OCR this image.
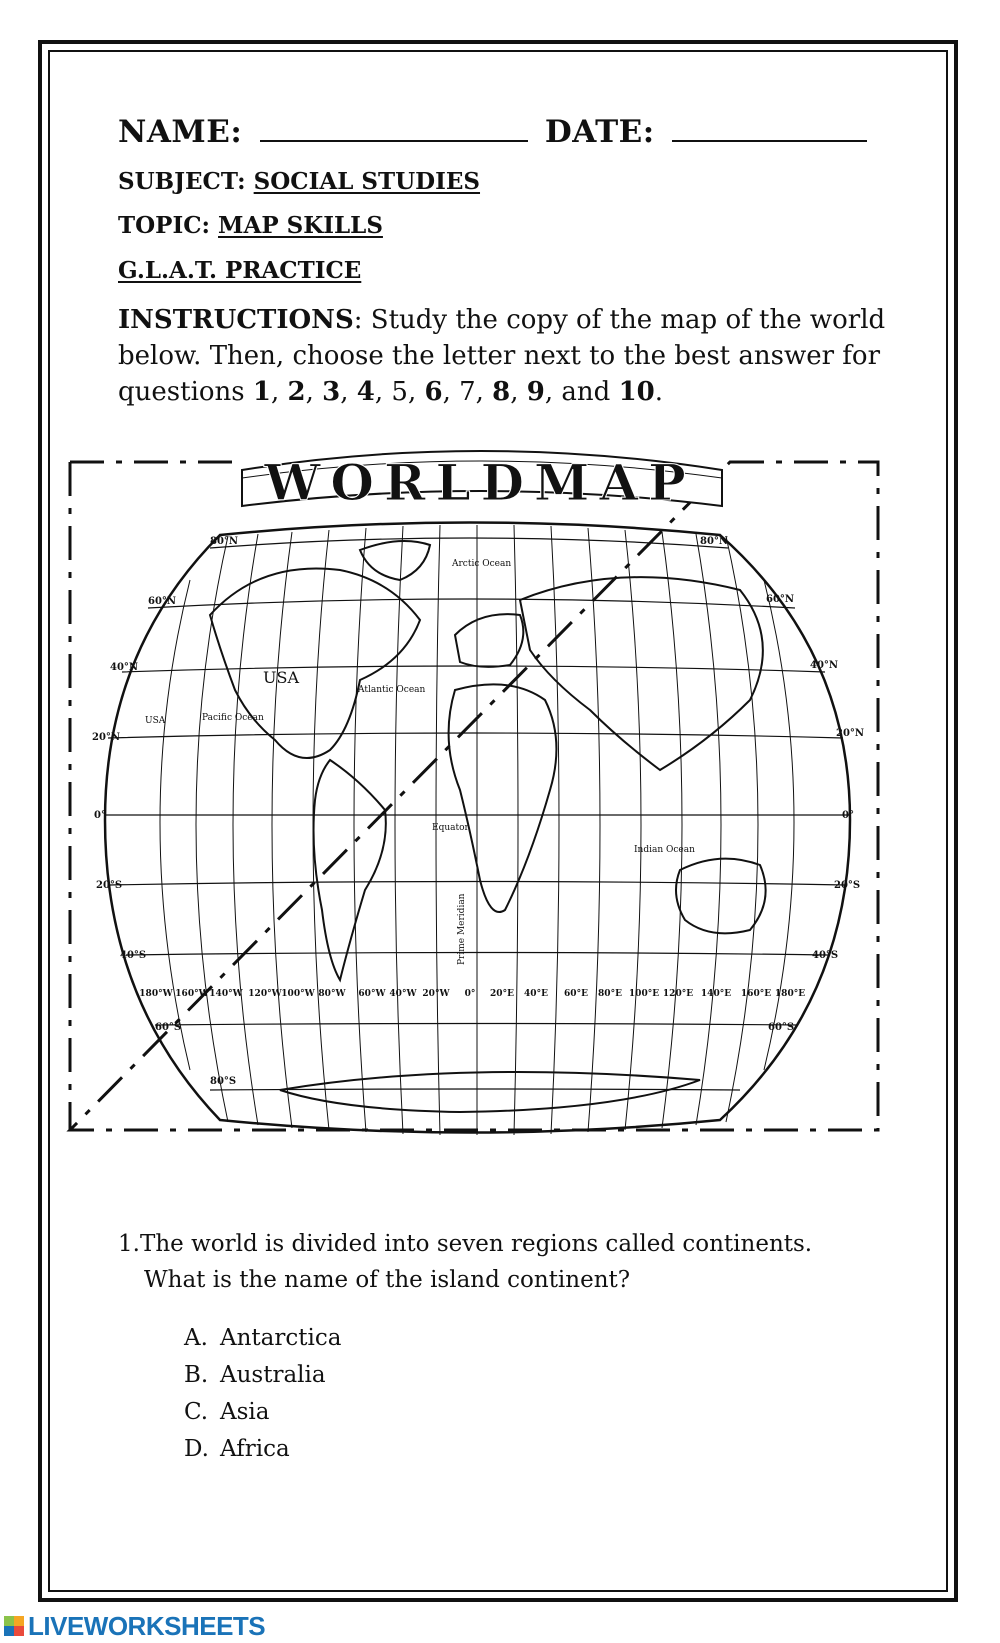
NAME:	DATE:
SUBJECT: SOCIAL STUDIES
TOPIC: MAP SKILLS
G.L.A.T. PRACTICE
INSTRUCTIONS: Study the copy of the map of the world below. Then, choose the letter next to the best answer for questions 1, 2, 3, 4, 5, 6, 7, 8, 9, and 10.
WORLDMAP
80°N
60°N
40°N
20°N
0°
20°S
40°S
60°S
80°S
80°N
60°N
40°N
20°N
0°
20°S
40°S
60°S
180°W 160°W 140°W 120°W 100°W 80°W 60°W 40°W 20°W 0° 20°E 40°E 60°E 80°E 100°E 120°E 140°E 160°E 180°E
USA
USA	Pacific Ocean
Atlantic Ocean
Arctic Ocean
Indian Ocean
Equator
Prime Meridian
1.The world is divided into seven regions called continents.
What is the name of the island continent?
A. Antarctica
B. Australia
C. Asia
D. Africa
LIVEWORKSHEETS
